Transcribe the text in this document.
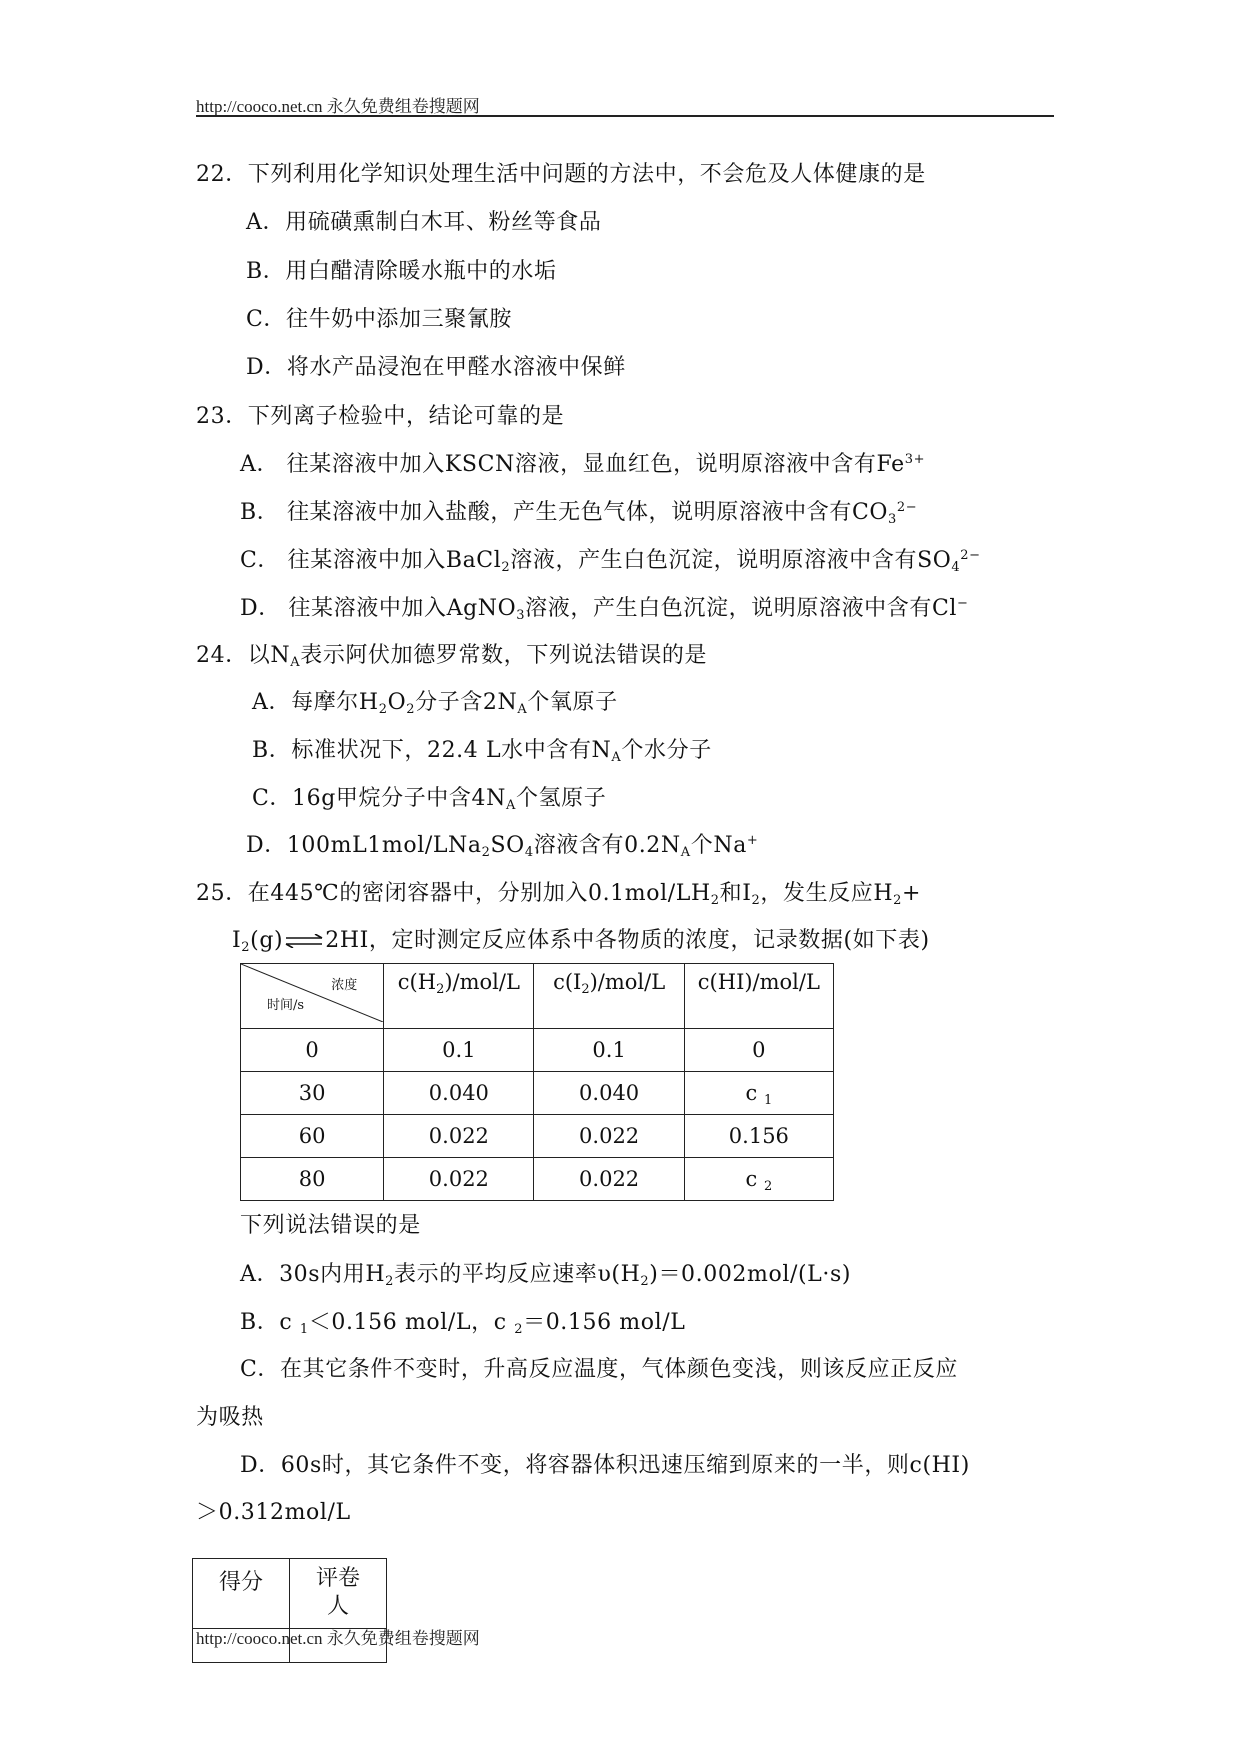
http://cooco.net.cn 永久免费组卷搜题网
22．下列利用化学知识处理生活中问题的方法中，不会危及人体健康的是
A．用硫磺熏制白木耳、粉丝等食品
B．用白醋清除暖水瓶中的水垢
C．往牛奶中添加三聚氰胺
D．将水产品浸泡在甲醛水溶液中保鲜
23．下列离子检验中，结论可靠的是
A． 往某溶液中加入KSCN溶液，显血红色，说明原溶液中含有$Fe^{3+}$
B． 往某溶液中加入盐酸，产生无色气体，说明原溶液中含有$CO_3^{2-}$
C． 往某溶液中加入BaCl$_2$溶液，产生白色沉淀，说明原溶液中含有$SO_4^{2-}$
D． 往某溶液中加入AgNO$_3$溶液，产生白色沉淀，说明原溶液中含有Cl−
24．以$N_A$表示阿伏加德罗常数，下列说法错误的是
A．每摩尔$H_2O_2$分子含$2N_A$个氧原子
B．标准状况下，22.4 L水中含有$N_A$个水分子
C．16g甲烷分子中含$4N_A$个氢原子
D．$100mL1mol/LNa_2SO_4$溶液含有$0.2N_A$个Na+
25．在445℃的密闭容器中，分别加入$0.1mol/LH_2$和$I_2$，发生反应$H_2+$
$I_2(g)\rightleftharpoons 2HI$，定时测定反应体系中各物质的浓度，记录数据(如下表)
浓度
时间/s	$c(H_2)/mol/L$	$c(I_2)/mol/L$	c(HI)/mol/L
0	0.1	0.1	0
30	0.040	0.040	c $_1$
60	0.022	0.022	0.156
80	0.022	0.022	c $_2$
下列说法错误的是
A．30s内用$H_2$表示的平均反应速率$\upsilon(H_2)=0.002mol/(L\cdot s)$
B．c $_1$＜0.156 mol/L，c $_2$＝0.156 mol/L
C．在其它条件不变时，升高反应温度，气体颜色变浅，则该反应正反应
为吸热
D．60s时，其它条件不变，将容器体积迅速压缩到原来的一半，则c(HI)
＞0.312mol/L
得分	评卷
人

http://cooco.net.cn 永久免费组卷搜题网
